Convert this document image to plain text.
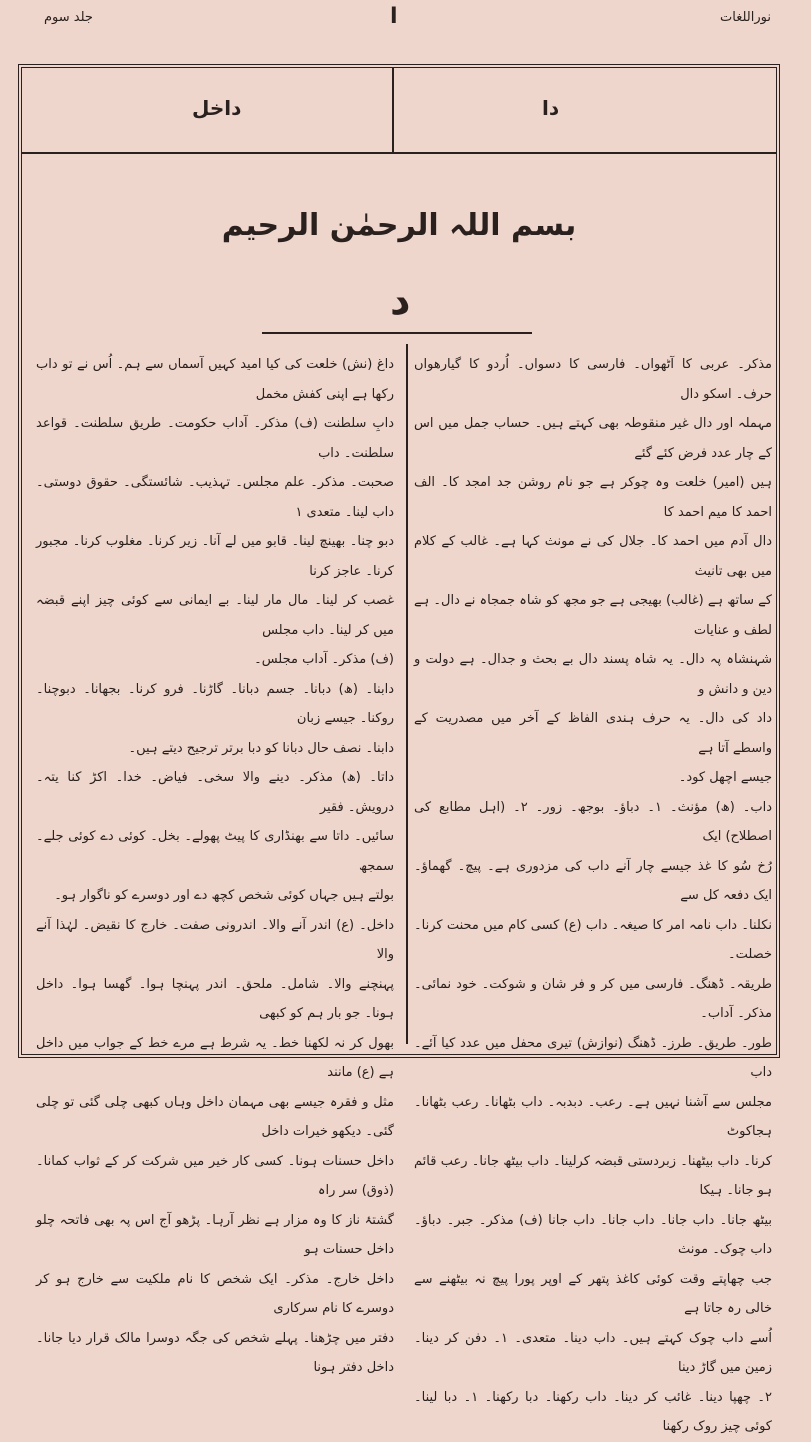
جلد سوم	ا	نوراللغات
داخل	دا
بسم اللہ الرحمٰن الرحیم
د

مذکر۔ عربی کا آٹھواں۔ فارسی کا دسواں۔ اُردو کا گیارھواں حرف۔ اسکو دال

مہملہ اور دال غیر منقوطہ بھی کہتے ہیں۔ حساب جمل میں اس کے چار عدد فرض کئے گئے

ہیں (امیر) خلعت وہ چوکر ہے جو نام روشن جد امجد کا۔ الف احمد کا میم احمد کا

دال آدم میں احمد کا۔ جلال کی نے مونث کہا ہے۔ غالب کے کلام میں بھی تانیث

کے ساتھ ہے (غالب) بھیجی ہے جو مجھ کو شاہ جمجاہ نے دال۔ ہے لطف و عنایات

شہنشاہ پہ دال۔ یہ شاہ پسند دال بے بحث و جدال۔ ہے دولت و دین و دانش و

داد کی دال۔ یہ حرف ہندی الفاظ کے آخر میں مصدریت کے واسطے آتا ہے

جیسے اچھل کود۔

داب۔ (ھ) مؤنث۔ ۱۔ دباؤ۔ بوجھ۔ زور۔ ۲۔ (اہل مطابع کی اصطلاح) ایک

رُخ سُو کا غذ جیسے چار آنے داب کی مزدوری ہے۔ پیچ۔ گھماؤ۔ ایک دفعہ کل سے

نکلنا۔ داب نامہ امر کا صیغہ۔ داب (ع) کسی کام میں محنت کرنا۔ خصلت۔

طریقہ۔ ڈھنگ۔ فارسی میں کر و فر شان و شوکت۔ خود نمائی۔ مذکر۔ آداب۔

طور۔ طریق۔ طرز۔ ڈھنگ (نوازش) تیری محفل میں عدد کیا آئے۔ داب

مجلس سے آشنا نہیں ہے۔ رعب۔ دبدبہ۔ داب بٹھانا۔ رعب بٹھانا۔ ہجاکوٹ

کرنا۔ داب بیٹھنا۔ زبردستی قبضہ کرلینا۔ داب بیٹھ جانا۔ رعب قائم ہو جانا۔ ہیکا

بیٹھ جانا۔ داب جانا۔ داب جانا۔ داب جانا (ف) مذکر۔ جبر۔ دباؤ۔ داب چوک۔ مونث

جب چھاپتے وقت کوئی کاغذ پتھر کے اوپر پورا پیچ نہ بیٹھنے سے خالی رہ جاتا ہے

اُسے داب چوک کہتے ہیں۔ داب دینا۔ متعدی۔ ۱۔ دفن کر دینا۔ زمین میں گاڑ دینا

۲۔ چھپا دینا۔ غائب کر دینا۔ داب رکھنا۔ دبا رکھنا۔ ۱۔ دبا لینا۔ کوئی چیز روک رکھنا

داغ (نش) خلعت کی کیا امید کہیں آسماں سے ہم۔ اُس نے تو داب رکھا ہے اپنی کفش مخمل

دابِ سلطنت (ف) مذکر۔ آداب حکومت۔ طریق سلطنت۔ قواعد سلطنت۔ داب

صحبت۔ مذکر۔ علم مجلس۔ تہذیب۔ شائستگی۔ حقوق دوستی۔ داب لینا۔ متعدی ۱

دبو چنا۔ بھینچ لینا۔ قابو میں لے آنا۔ زیر کرنا۔ مغلوب کرنا۔ مجبور کرنا۔ عاجز کرنا

غصب کر لینا۔ مال مار لینا۔ بے ایمانی سے کوئی چیز اپنے قبضہ میں کر لینا۔ داب مجلس

(ف) مذکر۔ آداب مجلس۔

دابنا۔ (ھ) دبانا۔ جسم دبانا۔ گاڑنا۔ فرو کرنا۔ بجھانا۔ دبوچنا۔ روکنا۔ جیسے زبان

دابنا۔ نصف حال دبانا کو دبا برتر ترجیح دیتے ہیں۔

داتا۔ (ھ) مذکر۔ دینے والا سخی۔ فیاض۔ خدا۔ اکڑ کنا یتہ۔ درویش۔ فقیر

سائیں۔ داتا سے بھنڈاری کا پیٹ پھولے۔ بخل۔ کوئی دے کوئی جلے۔ سمجھ

بولتے ہیں جہاں کوئی شخص کچھ دے اور دوسرے کو ناگوار ہو۔

داخل۔ (ع) اندر آنے والا۔ اندرونی صفت۔ خارج کا نقیض۔ لہٰذا آنے والا

پہنچنے والا۔ شامل۔ ملحق۔ اندر پہنچا ہوا۔ گھسا ہوا۔ داخل ہونا۔ جو بار ہم کو کبھی

بھول کر نہ لکھنا خط۔ یہ شرط ہے مرے خط کے جواب میں داخل ہے (ع) مانند

مثل و فقرہ جیسے بھی مہمان داخل وہاں کبھی چلی گئی تو چلی گئی۔ دیکھو خیرات داخل

داخل حسنات ہونا۔ کسی کار خیر میں شرکت کر کے ثواب کمانا۔ (ذوق) سر راہ

گشتۂ ناز کا وہ مزار ہے نظر آرہا۔ پڑھو آج اس پہ بھی فاتحہ چلو داخل حسنات ہو

داخل خارج۔ مذکر۔ ایک شخص کا نام ملکیت سے خارج ہو کر دوسرے کا نام سرکاری

دفتر میں چڑھنا۔ پہلے شخص کی جگہ دوسرا مالک قرار دیا جانا۔ داخل دفتر ہونا
